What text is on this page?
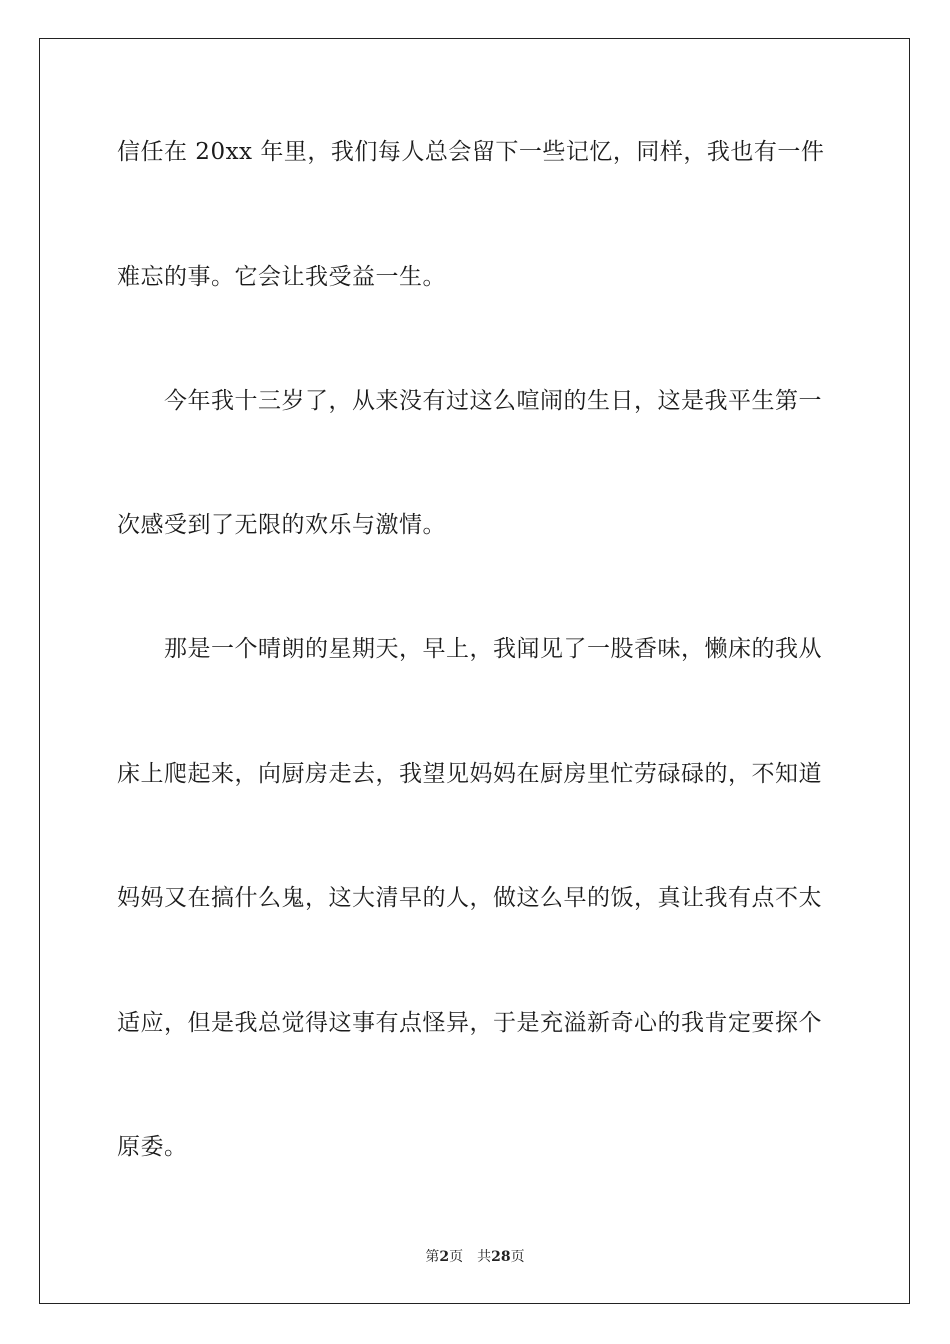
信任在 20xx 年里，我们每人总会留下一些记忆，同样，我也有一件
难忘的事。它会让我受益一生。
今年我十三岁了，从来没有过这么喧闹的生日，这是我平生第一
次感受到了无限的欢乐与激情。
那是一个晴朗的星期天，早上，我闻见了一股香味，懒床的我从
床上爬起来，向厨房走去，我望见妈妈在厨房里忙劳碌碌的，不知道
妈妈又在搞什么鬼，这大清早的人，做这么早的饭，真让我有点不太
适应，但是我总觉得这事有点怪异，于是充溢新奇心的我肯定要探个
原委。
第2页 共28页
